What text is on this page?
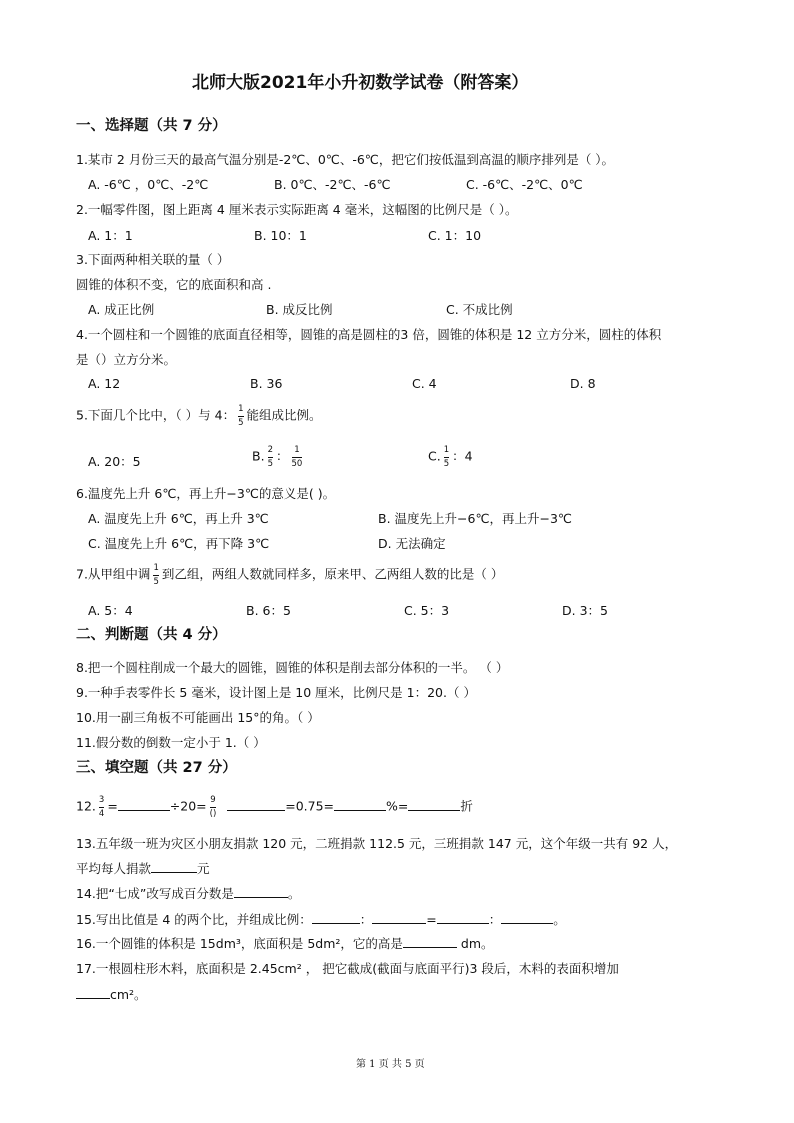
北师大版2021年小升初数学试卷（附答案）
一、选择题（共 7 分）
1.某市 2 月份三天的最高气温分别是-2℃、0℃、-6℃，把它们按低温到高温的顺序排列是（ ）。
A. -6℃ ，0℃、-2℃	B. 0℃、-2℃、-6℃	C. -6℃、-2℃、0℃
2.一幅零件图，图上距离 4 厘米表示实际距离 4 毫米，这幅图的比例尺是（ ）。
A. 1：1	B. 10：1	C. 1：10
3.下面两种相关联的量（ ）
圆锥的体积不变，它的底面积和高 .
A. 成正比例	B. 成反比例	C. 不成比例
4.一个圆柱和一个圆锥的底面直径相等，圆锥的高是圆柱的3 倍，圆锥的体积是 12 立方分米，圆柱的体积
是（）立方分米。
A. 12	B. 36	C. 4	D. 8
5.下面几个比中，（ ）与 4： $\frac{1}{5}$ 能组成比例。
A. 20：5	B. $\frac{2}{5}$ ： $\frac{1}{50}$	C. $\frac{1}{5}$ ：4
6.温度先上升 6℃，再上升−3℃的意义是( )。
A. 温度先上升 6℃，再上升 3℃	B. 温度先上升−6℃，再上升−3℃
C. 温度先上升 6℃，再下降 3℃	D. 无法确定
7.从甲组中调 $\frac{1}{5}$ 到乙组，两组人数就同样多，原来甲、乙两组人数的比是（ ）
A. 5：4	B. 6：5	C. 5：3	D. 3：5
二、判断题（共 4 分）
8.把一个圆柱削成一个最大的圆锥，圆锥的体积是削去部分体积的一半。 （ ）
9.一种手表零件长 5 毫米，设计图上是 10 厘米，比例尺是 1：20.（ ）
10.用一副三角板不可能画出 15°的角。（ ）
11.假分数的倒数一定小于 1.（ ）
三、填空题（共 27 分）
12. $\frac{3}{4}$ =	$\div 20= \frac{9}{()}$	=0.75=	%=	折
13.五年级一班为灾区小朋友捐款 120 元，二班捐款 112.5 元，三班捐款 147 元，这个年级一共有 92 人，
平均每人捐款	元
14.把“七成”改写成百分数是	。
15.写出比值是 4 的两个比，并组成比例：	：	=	：	。
16.一个圆锥的体积是 15dm³，底面积是 5dm²，它的高是	dm。
17.一根圆柱形木料，底面积是 2.45cm² ， 把它截成(截面与底面平行)3 段后，木料的表面积增加
cm²。
第 1 页 共 5 页
